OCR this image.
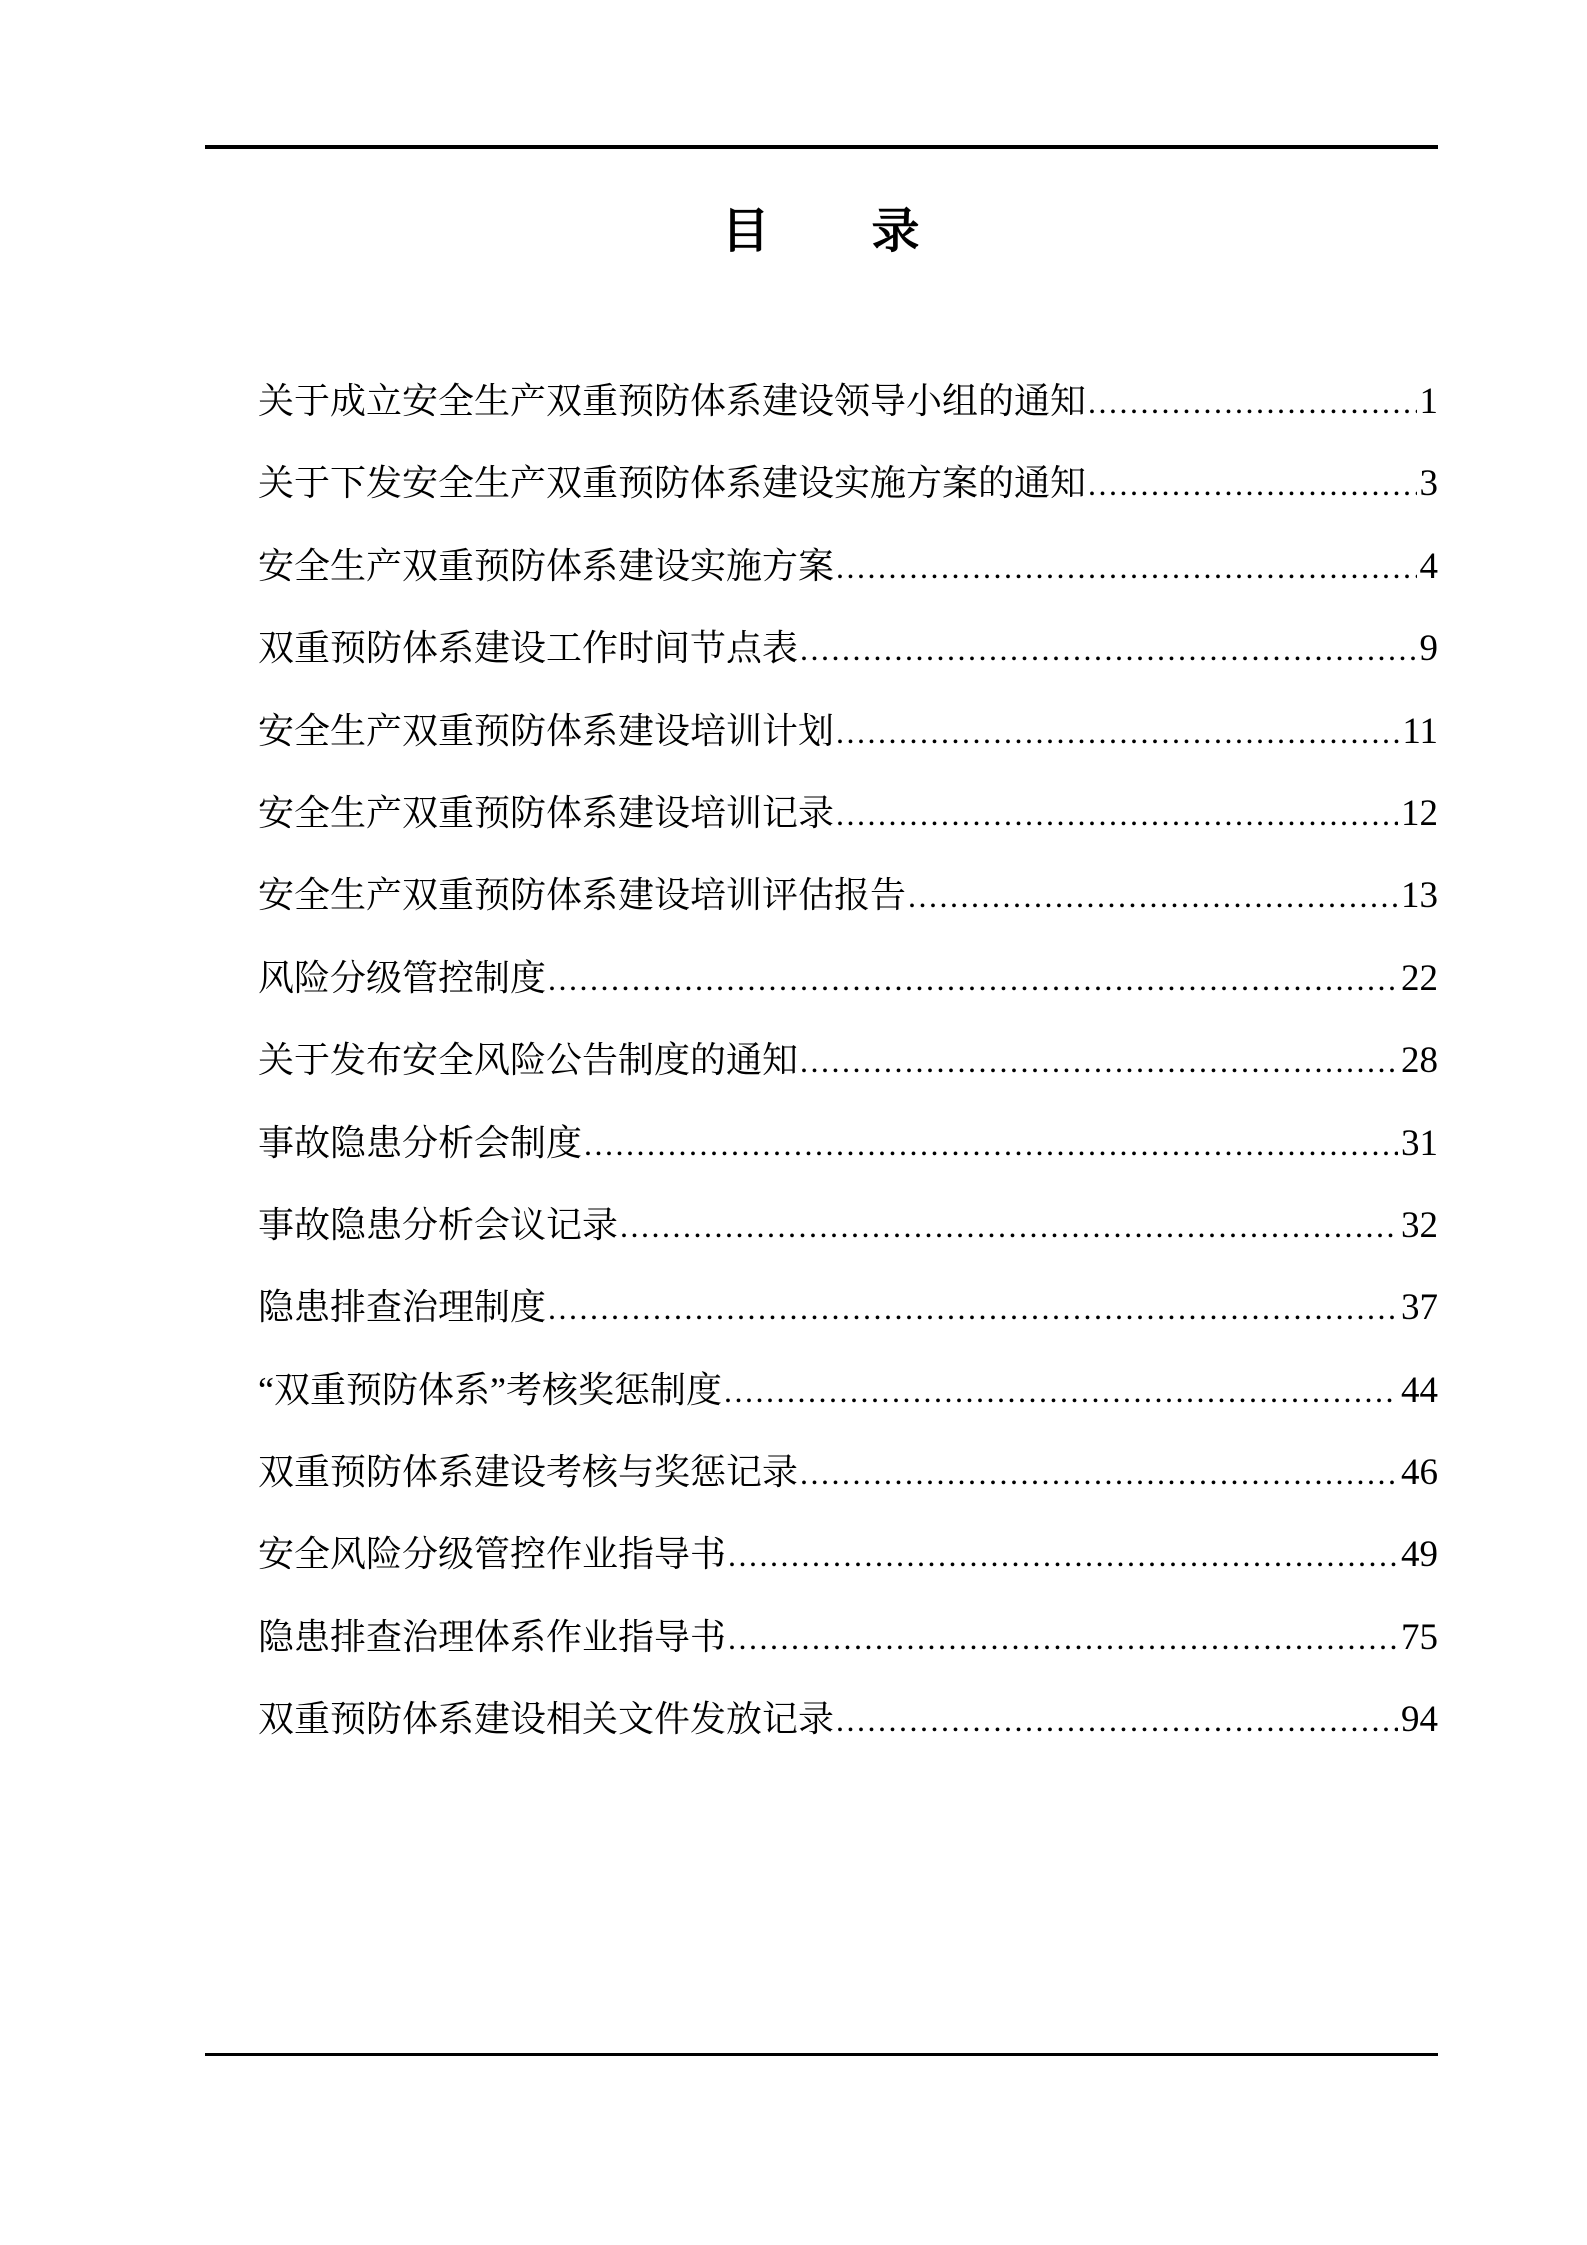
目　　录
关于成立安全生产双重预防体系建设领导小组的通知 .....	1
关于下发安全生产双重预防体系建设实施方案的通知 .....	3
安全生产双重预防体系建设实施方案 .....	4
双重预防体系建设工作时间节点表 .....	9
安全生产双重预防体系建设培训计划 .....	11
安全生产双重预防体系建设培训记录 .....	12
安全生产双重预防体系建设培训评估报告 .....	13
风险分级管控制度 .....	22
关于发布安全风险公告制度的通知 .....	28
事故隐患分析会制度 .....	31
事故隐患分析会议记录 .....	32
隐患排查治理制度 .....	37
“双重预防体系”考核奖惩制度 .....	44
双重预防体系建设考核与奖惩记录 .....	46
安全风险分级管控作业指导书 .....	49
隐患排查治理体系作业指导书 .....	75
双重预防体系建设相关文件发放记录 .....	94
